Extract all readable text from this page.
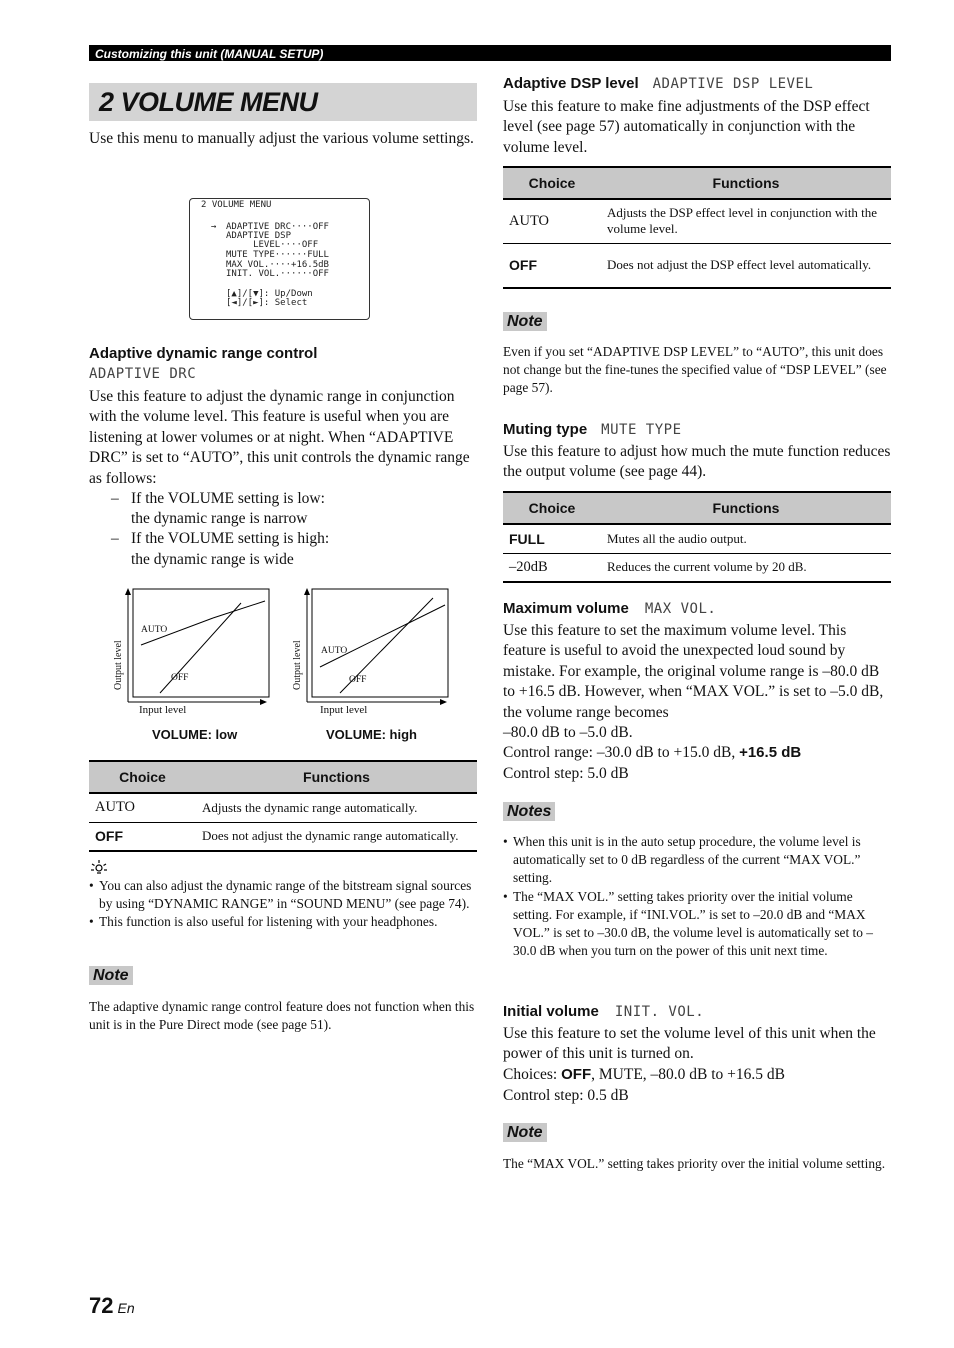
Customizing this unit (MANUAL SETUP)
2 VOLUME MENU
Use this menu to manually adjust the various volume settings.
2 VOLUME MENU
→ ADAPTIVE DRC····OFF
ADAPTIVE DSP
LEVEL····OFF
MUTE TYPE······FULL
MAX VOL.····+16.5dB
INIT. VOL.······OFF
[▲]/[▼]: Up/Down
[◄]/[►]: Select
Adaptive dynamic range control
ADAPTIVE DRC
Use this feature to adjust the dynamic range in conjunction with the volume level. This feature is useful when you are listening at lower volumes or at night. When “ADAPTIVE DRC” is set to “AUTO”, this unit controls the dynamic range as follows:
– If the VOLUME setting is low:
the dynamic range is narrow
– If the VOLUME setting is high:
the dynamic range is wide
Output level	Output level
AUTO
OFF
AUTO
OFF
Input level	Input level
VOLUME: low	VOLUME: high
Choice	Functions
AUTO	Adjusts the dynamic range automatically.
OFF	Does not adjust the dynamic range automatically.
• You can also adjust the dynamic range of the bitstream signal sources by using “DYNAMIC RANGE” in “SOUND MENU” (see page 74).
• This function is also useful for listening with your headphones.
Note
The adaptive dynamic range control feature does not function when this unit is in the Pure Direct mode (see page 51).
Adaptive DSP level ADAPTIVE DSP LEVEL
Use this feature to make fine adjustments of the DSP effect level (see page 57) automatically in conjunction with the volume level.
Choice	Functions
AUTO	Adjusts the DSP effect level in conjunction with the volume level.
OFF	Does not adjust the DSP effect level automatically.
Note
Even if you set “ADAPTIVE DSP LEVEL” to “AUTO”, this unit does not change but the fine-tunes the specified value of “DSP LEVEL” (see page 57).
Muting type MUTE TYPE
Use this feature to adjust how much the mute function reduces the output volume (see page 44).
Choice	Functions
FULL	Mutes all the audio output.
–20dB	Reduces the current volume by 20 dB.
Maximum volume MAX VOL.
Use this feature to set the maximum volume level. This feature is useful to avoid the unexpected loud sound by mistake. For example, the original volume range is –80.0 dB to +16.5 dB. However, when “MAX VOL.” is set to –5.0 dB, the volume range becomes
–80.0 dB to –5.0 dB.
Control range: –30.0 dB to +15.0 dB, +16.5 dB
Control step: 5.0 dB
Notes
• When this unit is in the auto setup procedure, the volume level is automatically set to 0 dB regardless of the current “MAX VOL.” setting.
• The “MAX VOL.” setting takes priority over the initial volume setting. For example, if “INI.VOL.” is set to –20.0 dB and “MAX VOL.” is set to –30.0 dB, the volume level is automatically set to –30.0 dB when you turn on the power of this unit next time.
Initial volume INIT. VOL.
Use this feature to set the volume level of this unit when the power of this unit is turned on.
Choices: OFF, MUTE, –80.0 dB to +16.5 dB
Control step: 0.5 dB
Note
The “MAX VOL.” setting takes priority over the initial volume setting.
72 En
